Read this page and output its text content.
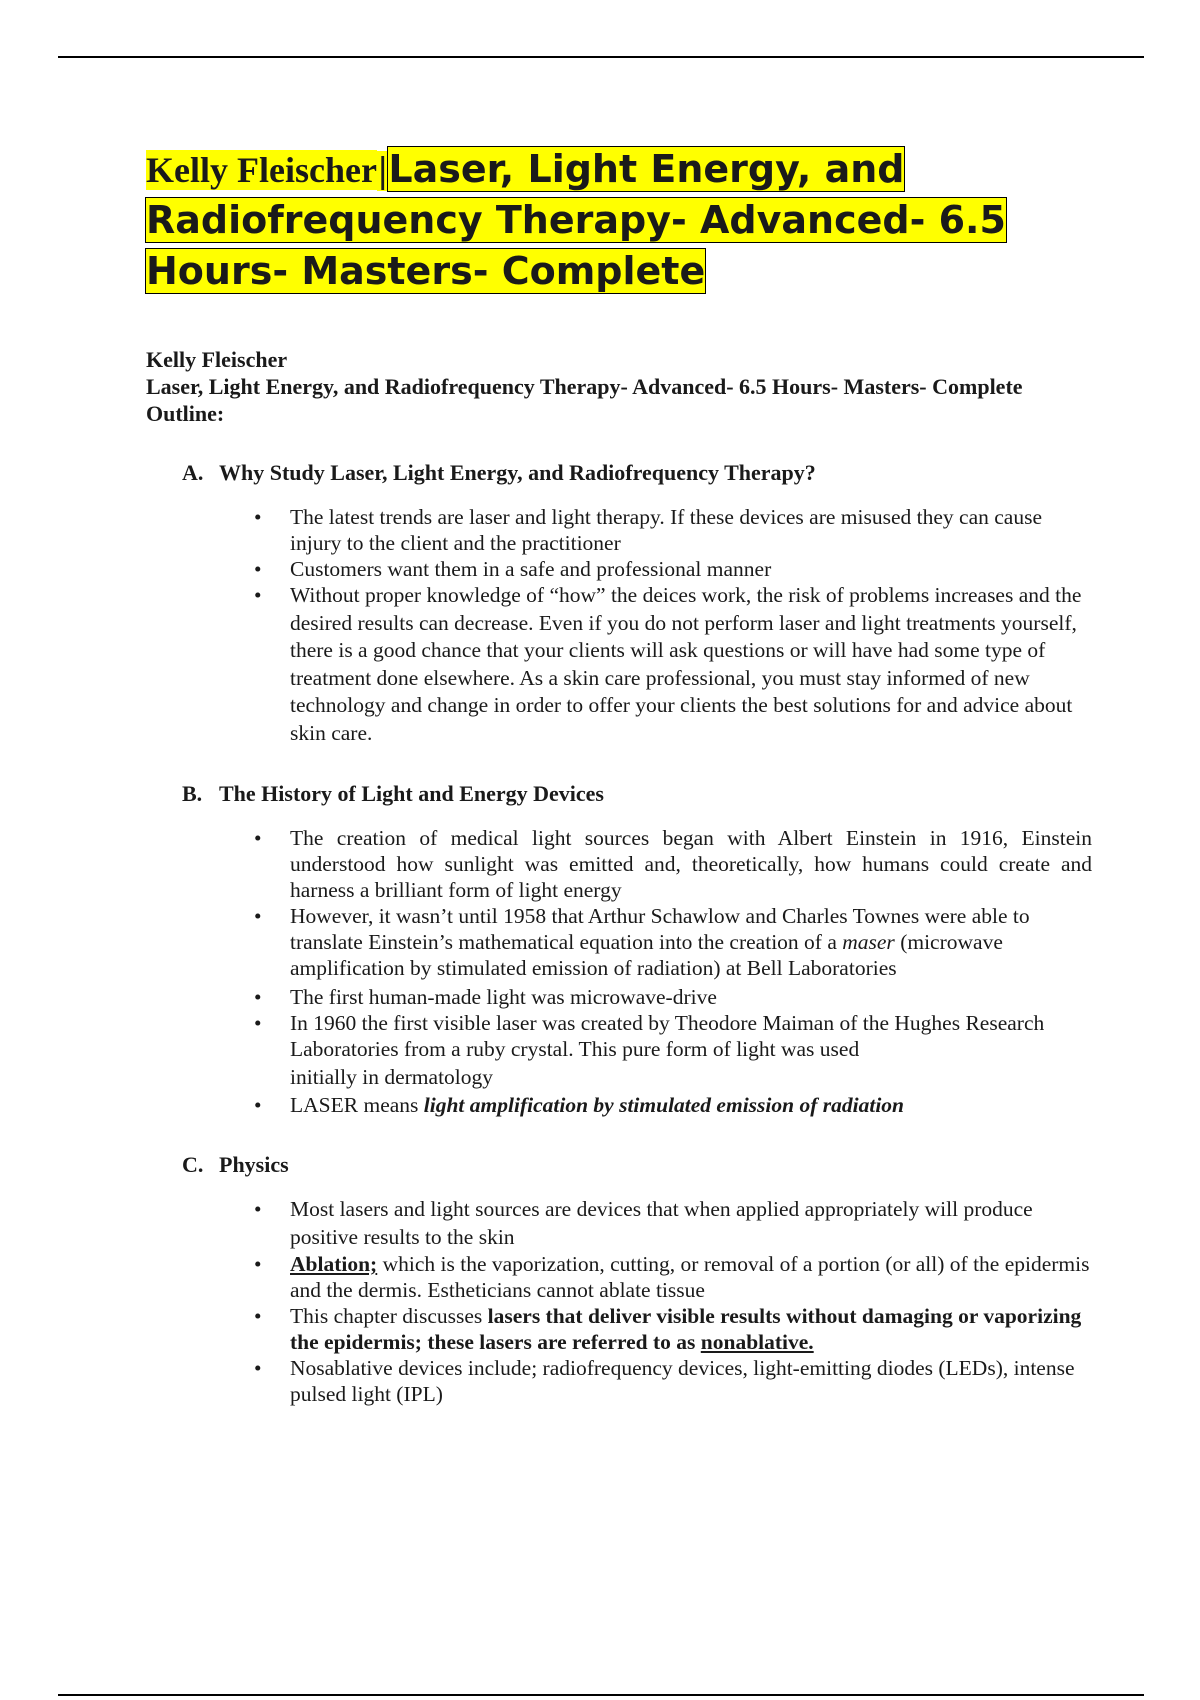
Kelly Fleischer|Laser, Light Energy, and Radiofrequency Therapy- Advanced- 6.5 Hours- Masters- Complete
Kelly Fleischer
Laser, Light Energy, and Radiofrequency Therapy- Advanced- 6.5 Hours- Masters- Complete
Outline:
A. Why Study Laser, Light Energy, and Radiofrequency Therapy?
• The latest trends are laser and light therapy. If these devices are misused they can cause injury to the client and the practitioner
• Customers want them in a safe and professional manner
• Without proper knowledge of “how” the deices work, the risk of problems increases and the desired results can decrease. Even if you do not perform laser and light treatments yourself, there is a good chance that your clients will ask questions or will have had some type of treatment done elsewhere. As a skin care professional, you must stay informed of new technology and change in order to offer your clients the best solutions for and advice about skin care.
B. The History of Light and Energy Devices
• The creation of medical light sources began with Albert Einstein in 1916, Einstein understood how sunlight was emitted and, theoretically, how humans could create and harness a brilliant form of light energy
• However, it wasn’t until 1958 that Arthur Schawlow and Charles Townes were able to translate Einstein’s mathematical equation into the creation of a maser (microwave amplification by stimulated emission of radiation) at Bell Laboratories
• The first human-made light was microwave-drive
• In 1960 the first visible laser was created by Theodore Maiman of the Hughes Research Laboratories from a ruby crystal. This pure form of light was used
initially in dermatology
• LASER means light amplification by stimulated emission of radiation
C. Physics
• Most lasers and light sources are devices that when applied appropriately will produce positive results to the skin
• Ablation; which is the vaporization, cutting, or removal of a portion (or all) of the epidermis and the dermis. Estheticians cannot ablate tissue
• This chapter discusses lasers that deliver visible results without damaging or vaporizing the epidermis; these lasers are referred to as nonablative.
• Nosablative devices include; radiofrequency devices, light-emitting diodes (LEDs), intense pulsed light (IPL)
